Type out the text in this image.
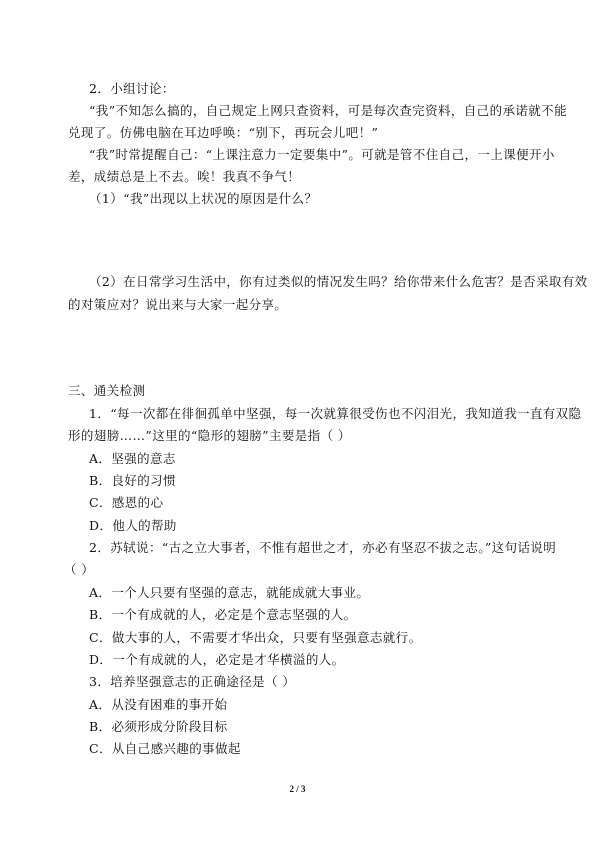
2．小组讨论：
“我”不知怎么搞的，自己规定上网只查资料，可是每次查完资料，自己的承诺就不能
兑现了。仿佛电脑在耳边呼唤：“别下，再玩会儿吧！”
“我”时常提醒自己：“上课注意力一定要集中”。可就是管不住自己，一上课便开小
差，成绩总是上不去。唉！我真不争气！
（1）“我”出现以上状况的原因是什么？
（2）在日常学习生活中，你有过类似的情况发生吗？给你带来什么危害？是否采取有效
的对策应对？说出来与大家一起分享。
三、通关检测
1．“每一次都在徘徊孤单中坚强，每一次就算很受伤也不闪泪光，我知道我一直有双隐
形的翅膀……”这里的“隐形的翅膀”主要是指（ ）
A．坚强的意志
B．良好的习惯
C．感恩的心
D．他人的帮助
2．苏轼说：“古之立大事者，不惟有超世之才，亦必有坚忍不拔之志。”这句话说明
（ ）
A．一个人只要有坚强的意志，就能成就大事业。
B．一个有成就的人，必定是个意志坚强的人。
C．做大事的人，不需要才华出众，只要有坚强意志就行。
D．一个有成就的人，必定是才华横溢的人。
3．培养坚强意志的正确途径是（ ）
A．从没有困难的事开始
B．必须形成分阶段目标
C．从自己感兴趣的事做起
2 / 3
